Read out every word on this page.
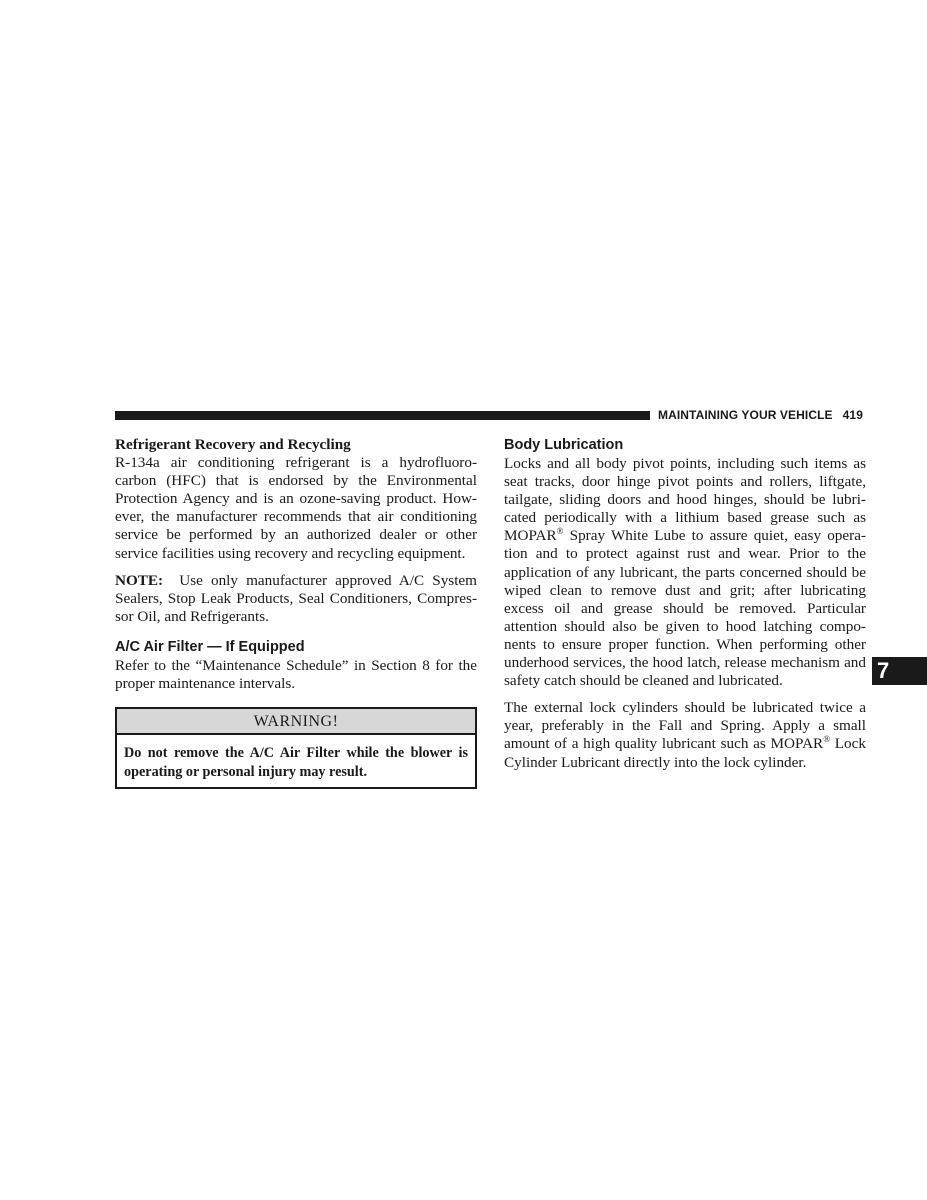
MAINTAINING YOUR VEHICLE 419
Refrigerant Recovery and Recycling

R-134a air conditioning refrigerant is a hydrofluoro- carbon (HFC) that is endorsed by the Environmental Protection Agency and is an ozone-saving product. How- ever, the manufacturer recommends that air conditioning service be performed by an authorized dealer or other service facilities using recovery and recycling equipment.

NOTE: Use only manufacturer approved A/C System Sealers, Stop Leak Products, Seal Conditioners, Compres- sor Oil, and Refrigerants.

A/C Air Filter — If Equipped

Refer to the “Maintenance Schedule” in Section 8 for the proper maintenance intervals.

WARNING!
Do not remove the A/C Air Filter while the blower is operating or personal injury may result.
Body Lubrication

Locks and all body pivot points, including such items as seat tracks, door hinge pivot points and rollers, liftgate, tailgate, sliding doors and hood hinges, should be lubri- cated periodically with a lithium based grease such as MOPAR® Spray White Lube to assure quiet, easy opera- tion and to protect against rust and wear. Prior to the application of any lubricant, the parts concerned should be wiped clean to remove dust and grit; after lubricating excess oil and grease should be removed. Particular attention should also be given to hood latching compo- nents to ensure proper function. When performing other underhood services, the hood latch, release mechanism and safety catch should be cleaned and lubricated.

The external lock cylinders should be lubricated twice a year, preferably in the Fall and Spring. Apply a small amount of a high quality lubricant such as MOPAR® Lock Cylinder Lubricant directly into the lock cylinder.

7
